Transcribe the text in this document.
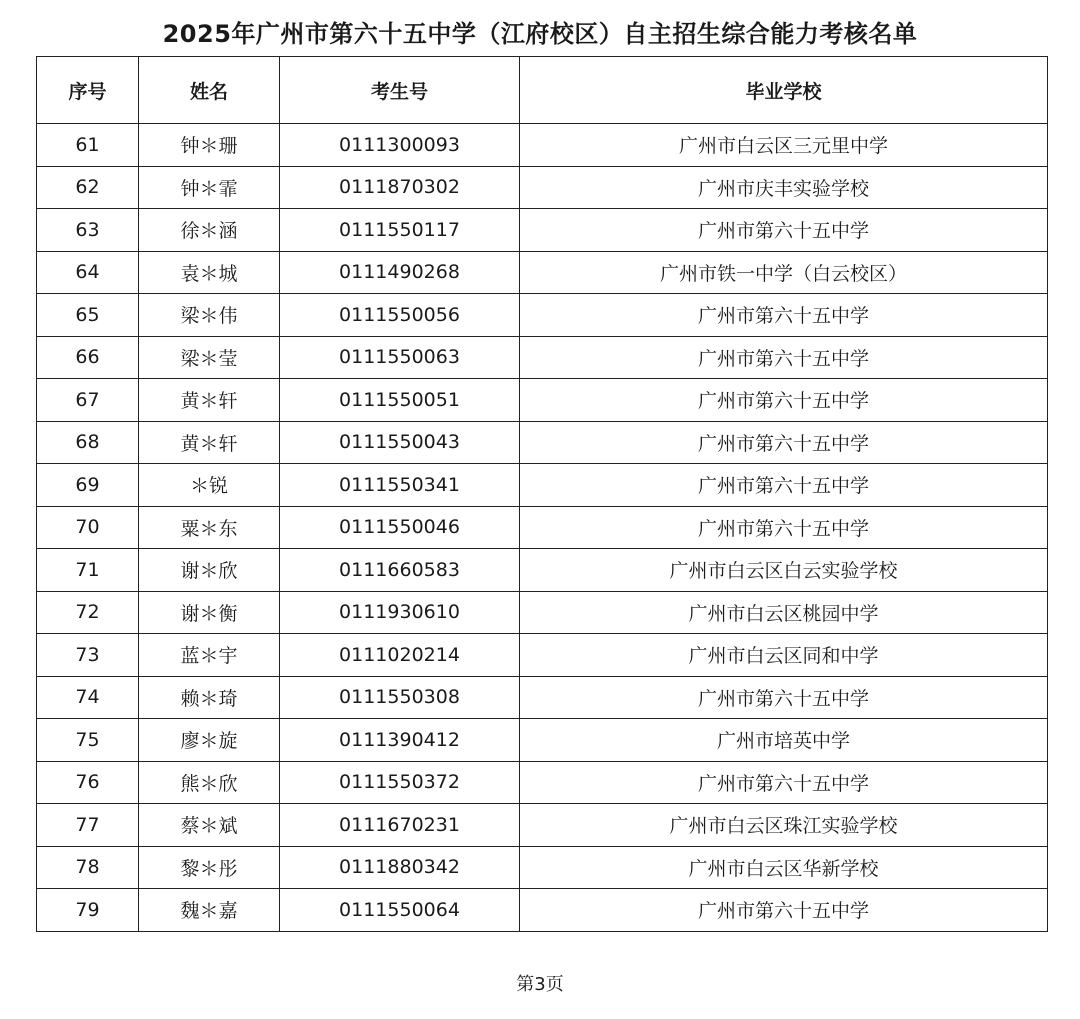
2025年广州市第六十五中学（江府校区）自主招生综合能力考核名单
序号	姓名	考生号	毕业学校
61	钟＊珊	0111300093	广州市白云区三元里中学
62	钟＊霏	0111870302	广州市庆丰实验学校
63	徐＊涵	0111550117	广州市第六十五中学
64	袁＊城	0111490268	广州市铁一中学（白云校区）
65	梁＊伟	0111550056	广州市第六十五中学
66	梁＊莹	0111550063	广州市第六十五中学
67	黄＊轩	0111550051	广州市第六十五中学
68	黄＊轩	0111550043	广州市第六十五中学
69	＊锐	0111550341	广州市第六十五中学
70	粟＊东	0111550046	广州市第六十五中学
71	谢＊欣	0111660583	广州市白云区白云实验学校
72	谢＊衡	0111930610	广州市白云区桃园中学
73	蓝＊宇	0111020214	广州市白云区同和中学
74	赖＊琦	0111550308	广州市第六十五中学
75	廖＊旋	0111390412	广州市培英中学
76	熊＊欣	0111550372	广州市第六十五中学
77	蔡＊斌	0111670231	广州市白云区珠江实验学校
78	黎＊彤	0111880342	广州市白云区华新学校
79	魏＊嘉	0111550064	广州市第六十五中学
第3页
